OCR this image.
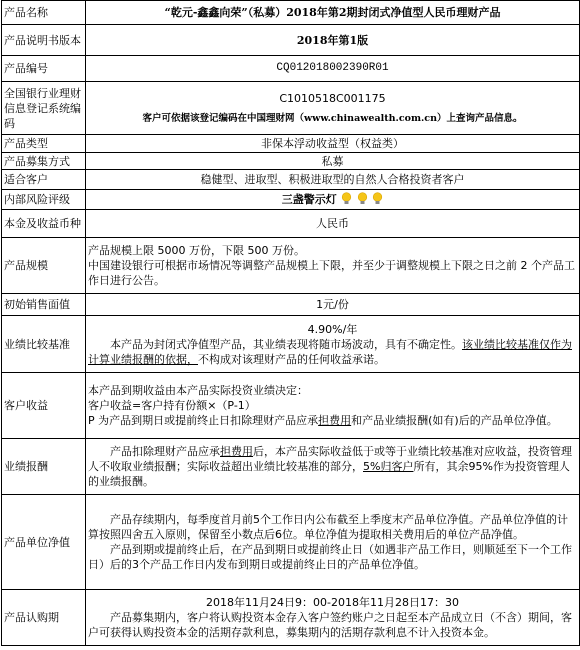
产品名称	“乾元-鑫鑫向荣”（私募）2018年第2期封闭式净值型人民币理财产品
产品说明书版本	2018年第1版
产品编号	CQ012018002390R01
全国银行业理财信息登记系统编码	C1010518C001175
客户可依据该登记编码在中国理财网（www.chinawealth.com.cn）上查询产品信息。

产品类型	非保本浮动收益型（权益类）
产品募集方式	私募
适合客户	稳健型、进取型、积极进取型的自然人合格投资者客户
内部风险评级	三盏警示灯
本金及收益币种	人民币
产品规模	产品规模上限 5000 万份，下限 500 万份。
中国建设银行可根据市场情况等调整产品规模上下限，并至少于调整规模上下限之日之前 2 个产品工作日进行公告。

初始销售面值	1元/份
业绩比较基准	4.90%/年
本产品为封闭式净值型产品，其业绩表现将随市场波动，具有不确定性。该业绩比较基准仅作为计算业绩报酬的依据，不构成对该理财产品的任何收益承诺。

客户收益	本产品到期收益由本产品实际投资业绩决定：
客户收益=客户持有份额×（P-1）
P 为产品到期日或提前终止日扣除理财产品应承担费用和产品业绩报酬(如有)后的产品单位净值。

业绩报酬	产品扣除理财产品应承担费用后，本产品实际收益低于或等于业绩比较基准对应收益，投资管理人不收取业绩报酬；实际收益超出业绩比较基准的部分，5%归客户所有，其余95%作为投资管理人的业绩报酬。

产品单位净值	产品存续期内，每季度首月前5个工作日内公布截至上季度末产品单位净值。产品单位净值的计算按照四舍五入原则，保留至小数点后6位。单位净值为提取相关费用后的单位产品净值。
产品到期或提前终止后，在产品到期日或提前终止日（如遇非产品工作日，则顺延至下一个工作日）后的3个产品工作日内发布到期日或提前终止日的产品单位净值。

产品认购期	2018年11月24日9：00-2018年11月28日17：30
产品募集期内，客户将认购投资本金存入客户签约账户之日起至本产品成立日（不含）期间，客户可获得认购投资本金的活期存款利息，募集期内的活期存款利息不计入投资本金。
